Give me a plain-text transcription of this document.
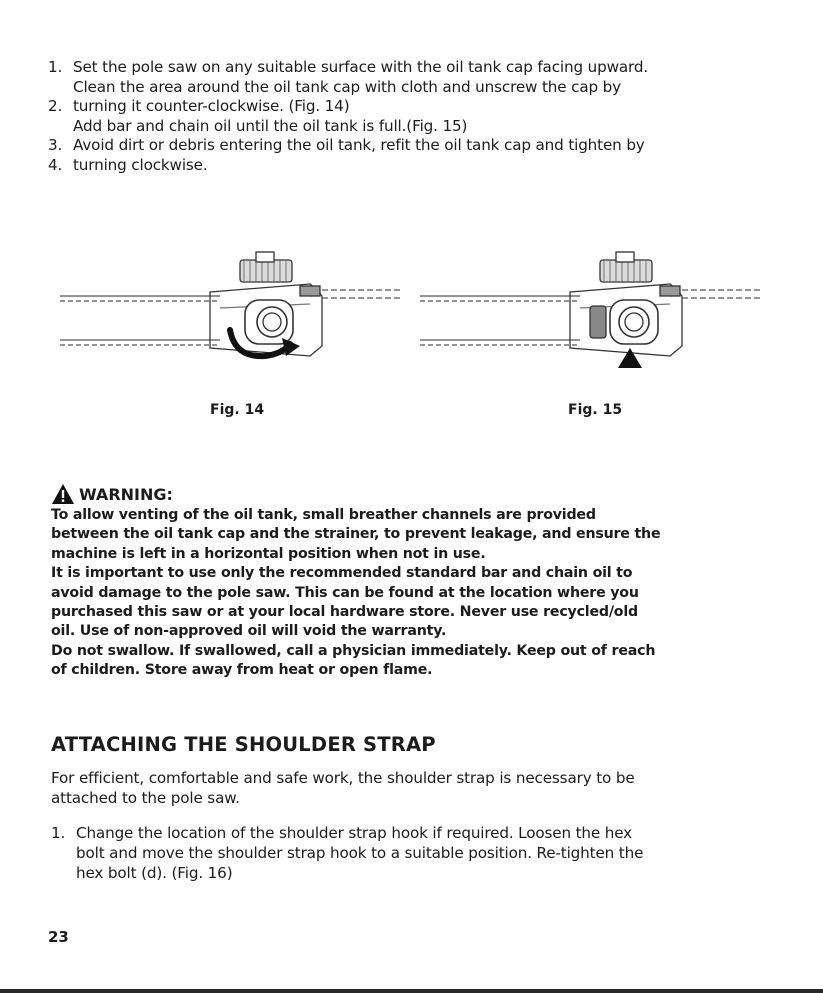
1. Set the pole saw on any suitable surface with the oil tank cap facing upward.
Clean the area around the oil tank cap with cloth and unscrew the cap by
2. turning it counter-clockwise. (Fig. 14)
Add bar and chain oil until the oil tank is full.(Fig. 15)
3. Avoid dirt or debris entering the oil tank, refit the oil tank cap and tighten by
4. turning clockwise.
Fig. 14	Fig. 15
WARNING:
To allow venting of the oil tank, small breather channels are provided
between the oil tank cap and the strainer, to prevent leakage, and ensure the
machine is left in a horizontal position when not in use.
It is important to use only the recommended standard bar and chain oil to
avoid damage to the pole saw. This can be found at the location where you
purchased this saw or at your local hardware store. Never use recycled/old
oil. Use of non-approved oil will void the warranty.
Do not swallow. If swallowed, call a physician immediately. Keep out of reach
of children. Store away from heat or open flame.
ATTACHING THE SHOULDER STRAP
For efficient, comfortable and safe work, the shoulder strap is necessary to be
attached to the pole saw.
1. Change the location of the shoulder strap hook if required. Loosen the hex
bolt and move the shoulder strap hook to a suitable position. Re-tighten the
hex bolt (d). (Fig. 16)
23
